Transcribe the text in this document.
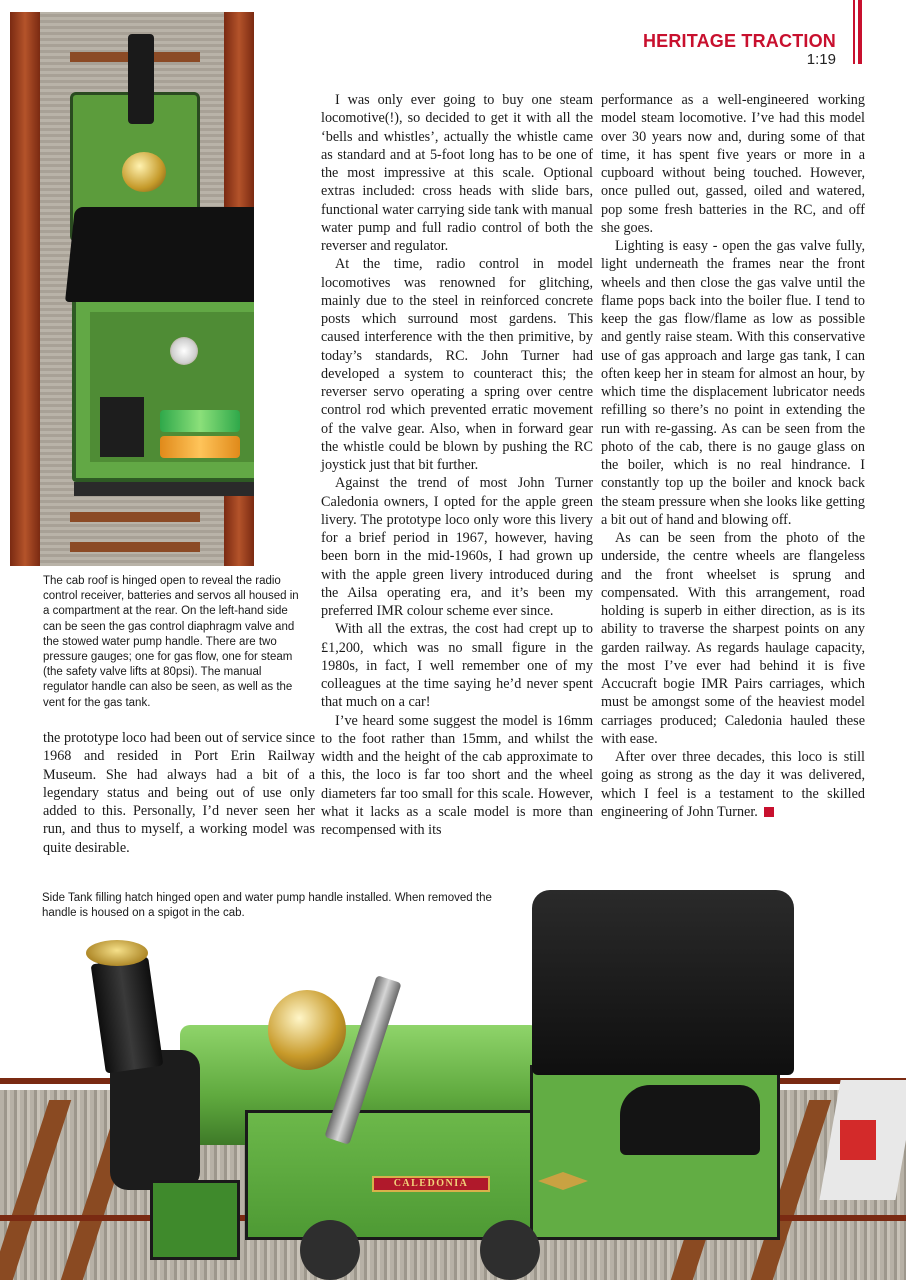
HERITAGE TRACTION
1:19
The cab roof is hinged open to reveal the radio control receiver, batteries and servos all housed in a compartment at the rear. On the left-hand side can be seen the gas control diaphragm valve and the stowed water pump handle. There are two pressure gauges; one for gas flow, one for steam (the safety valve lifts at 80psi). The manual regulator handle can also be seen, as well as the vent for the gas tank.

the prototype loco had been out of service since 1968 and resided in Port Erin Railway Museum. She had always had a bit of a legendary status and being out of use only added to this. Personally, I’d never seen her run, and thus to myself, a working model was quite desirable.

I was only ever going to buy one steam locomotive(!), so decided to get it with all the ‘bells and whistles’, actually the whistle came as standard and at 5-foot long has to be one of the most impressive at this scale. Optional extras included: cross heads with slide bars, functional water carrying side tank with manual water pump and full radio control of both the reverser and regulator.

At the time, radio control in model locomotives was renowned for glitching, mainly due to the steel in reinforced concrete posts which surround most gardens. This caused interference with the then primitive, by today’s standards, RC. John Turner had developed a system to counteract this; the reverser servo operating a spring over centre control rod which prevented erratic movement of the valve gear. Also, when in forward gear the whistle could be blown by pushing the RC joystick just that bit further.

Against the trend of most John Turner Caledonia owners, I opted for the apple green livery. The prototype loco only wore this livery for a brief period in 1967, however, having been born in the mid-1960s, I had grown up with the apple green livery introduced during the Ailsa operating era, and it’s been my preferred IMR colour scheme ever since.

With all the extras, the cost had crept up to £1,200, which was no small figure in the 1980s, in fact, I well remember one of my colleagues at the time saying he’d never spent that much on a car!

I’ve heard some suggest the model is 16mm to the foot rather than 15mm, and whilst the width and the height of the cab approximate to this, the loco is far too short and the wheel diameters far too small for this scale. However, what it lacks as a scale model is more than recompensed with its

performance as a well-engineered working model steam locomotive. I’ve had this model over 30 years now and, during some of that time, it has spent five years or more in a cupboard without being touched. However, once pulled out, gassed, oiled and watered, pop some fresh batteries in the RC, and off she goes.

Lighting is easy - open the gas valve fully, light underneath the frames near the front wheels and then close the gas valve until the flame pops back into the boiler flue. I tend to keep the gas flow/flame as low as possible and gently raise steam. With this conservative use of gas approach and large gas tank, I can often keep her in steam for almost an hour, by which time the displacement lubricator needs refilling so there’s no point in extending the run with re-gassing. As can be seen from the photo of the cab, there is no gauge glass on the boiler, which is no real hindrance. I constantly top up the boiler and knock back the steam pressure when she looks like getting a bit out of hand and blowing off.

As can be seen from the photo of the underside, the centre wheels are flangeless and the front wheelset is sprung and compensated. With this arrangement, road holding is superb in either direction, as is its ability to traverse the sharpest points on any garden railway. As regards haulage capacity, the most I’ve ever had behind it is five Accucraft bogie IMR Pairs carriages, which must be amongst some of the heaviest model carriages produced; Caledonia hauled these with ease.

After over three decades, this loco is still going as strong as the day it was delivered, which I feel is a testament to the skilled engineering of John Turner.

CALEDONIA
Side Tank filling hatch hinged open and water pump handle installed. When removed the handle is housed on a spigot in the cab.
